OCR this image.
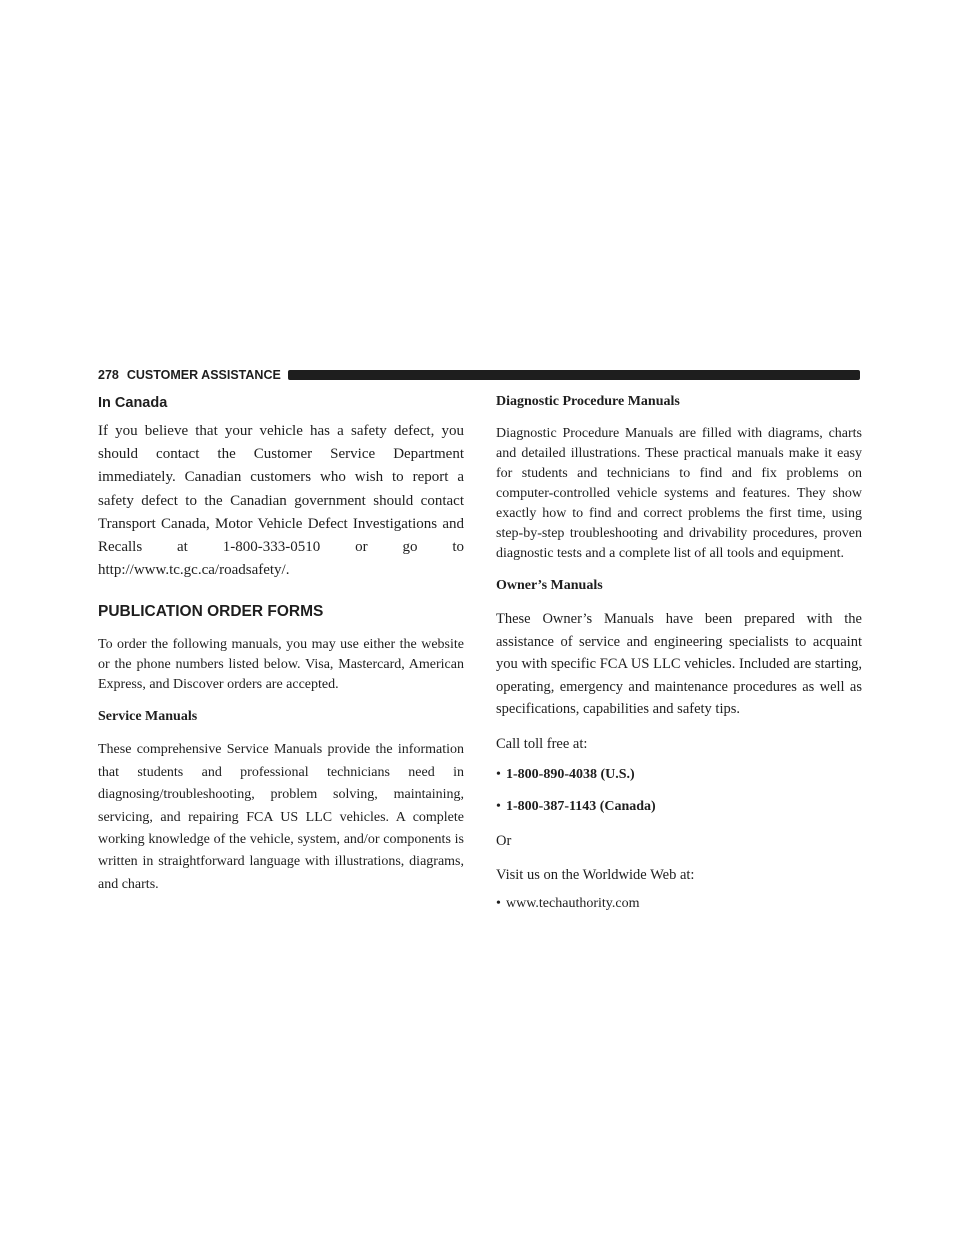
278 CUSTOMER ASSISTANCE
In Canada

If you believe that your vehicle has a safety defect, you should contact the Customer Service Department immediately. Canadian customers who wish to report a safety defect to the Canadian government should contact Transport Canada, Motor Vehicle Defect Investigations and Recalls at 1-800-333-0510 or go to http://www.tc.gc.ca/roadsafety/.

PUBLICATION ORDER FORMS

To order the following manuals, you may use either the website or the phone numbers listed below. Visa, Mastercard, American Express, and Discover orders are accepted.

Service Manuals

These comprehensive Service Manuals provide the information that students and professional technicians need in diagnosing/troubleshooting, problem solving, maintaining, servicing, and repairing FCA US LLC vehicles. A complete working knowledge of the vehicle, system, and/or components is written in straightforward language with illustrations, diagrams, and charts.

Diagnostic Procedure Manuals

Diagnostic Procedure Manuals are filled with diagrams, charts and detailed illustrations. These practical manuals make it easy for students and technicians to find and fix problems on computer-controlled vehicle systems and features. They show exactly how to find and correct problems the first time, using step-by-step troubleshooting and drivability procedures, proven diagnostic tests and a complete list of all tools and equipment.

Owner’s Manuals

These Owner’s Manuals have been prepared with the assistance of service and engineering specialists to acquaint you with specific FCA US LLC vehicles. Included are starting, operating, emergency and maintenance procedures as well as specifications, capabilities and safety tips.

Call toll free at:

• 1-800-890-4038 (U.S.)
• 1-800-387-1143 (Canada)

Or

Visit us on the Worldwide Web at:

• www.techauthority.com
